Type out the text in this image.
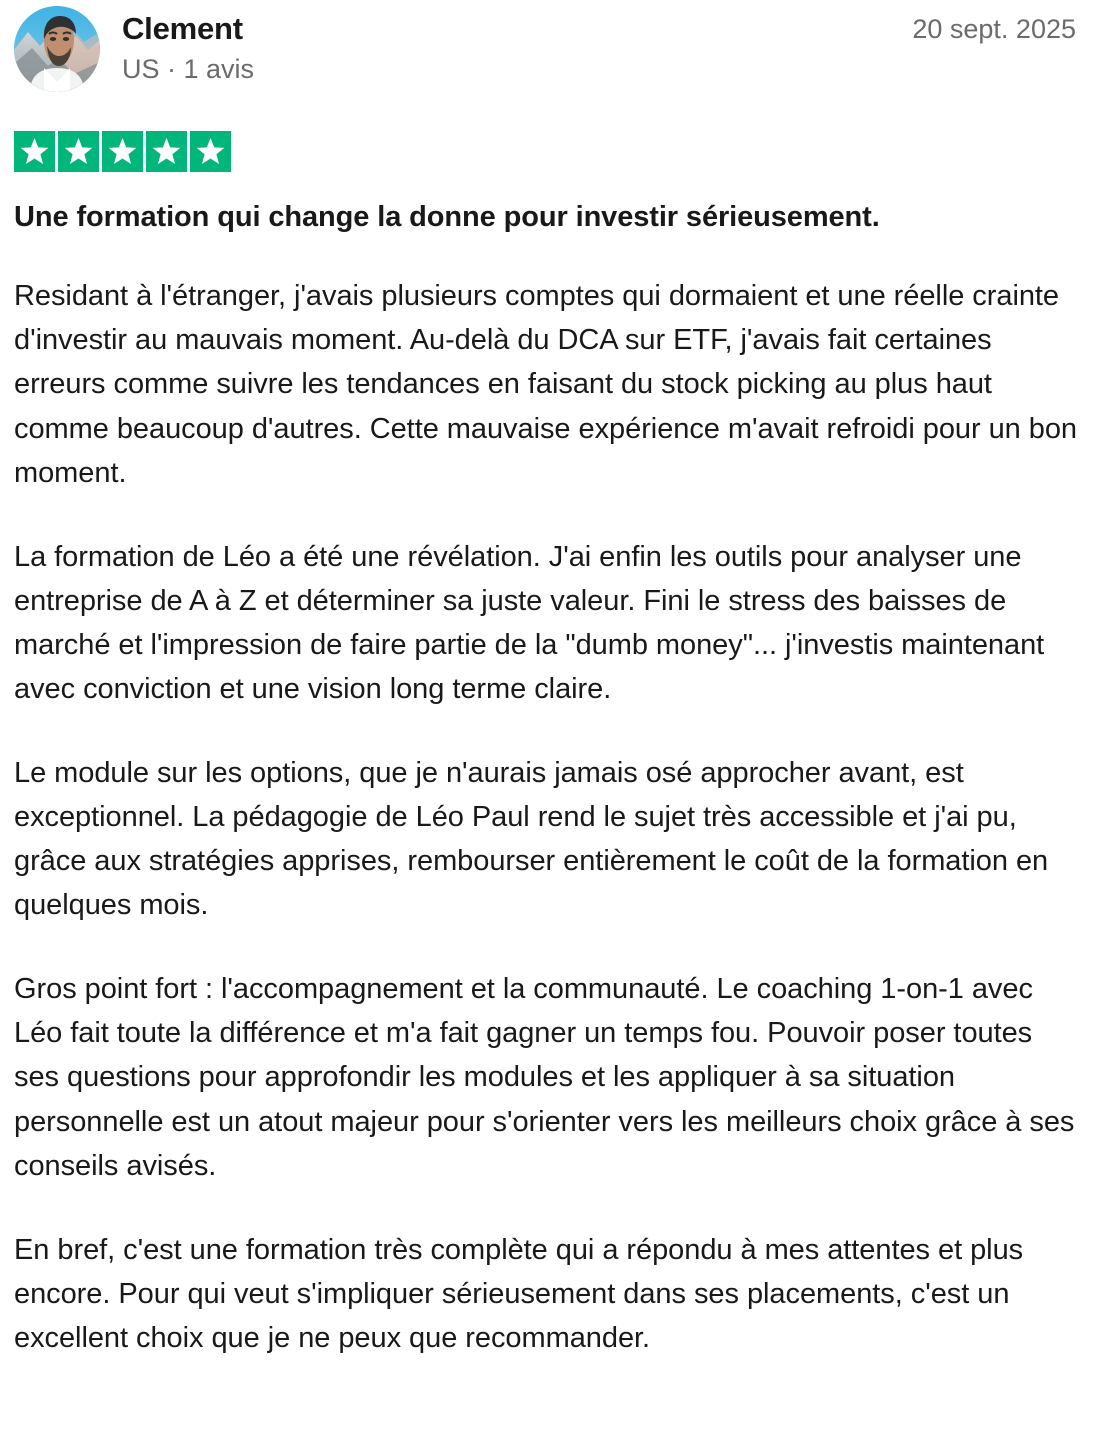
Clement
US · 1 avis
20 sept. 2025
Une formation qui change la donne pour investir sérieusement.

Residant à l'étranger, j'avais plusieurs comptes qui dormaient et une réelle crainte d'investir au mauvais moment. Au-delà du DCA sur ETF, j'avais fait certaines erreurs comme suivre les tendances en faisant du stock picking au plus haut comme beaucoup d'autres. Cette mauvaise expérience m'avait refroidi pour un bon moment.

La formation de Léo a été une révélation. J'ai enfin les outils pour analyser une entreprise de A à Z et déterminer sa juste valeur. Fini le stress des baisses de marché et l'impression de faire partie de la "dumb money"... j'investis maintenant avec conviction et une vision long terme claire.

Le module sur les options, que je n'aurais jamais osé approcher avant, est exceptionnel. La pédagogie de Léo Paul rend le sujet très accessible et j'ai pu, grâce aux stratégies apprises, rembourser entièrement le coût de la formation en quelques mois.

Gros point fort : l'accompagnement et la communauté. Le coaching 1-on-1 avec Léo fait toute la différence et m'a fait gagner un temps fou. Pouvoir poser toutes ses questions pour approfondir les modules et les appliquer à sa situation personnelle est un atout majeur pour s'orienter vers les meilleurs choix grâce à ses conseils avisés.

En bref, c'est une formation très complète qui a répondu à mes attentes et plus encore. Pour qui veut s'impliquer sérieusement dans ses placements, c'est un excellent choix que je ne peux que recommander.
